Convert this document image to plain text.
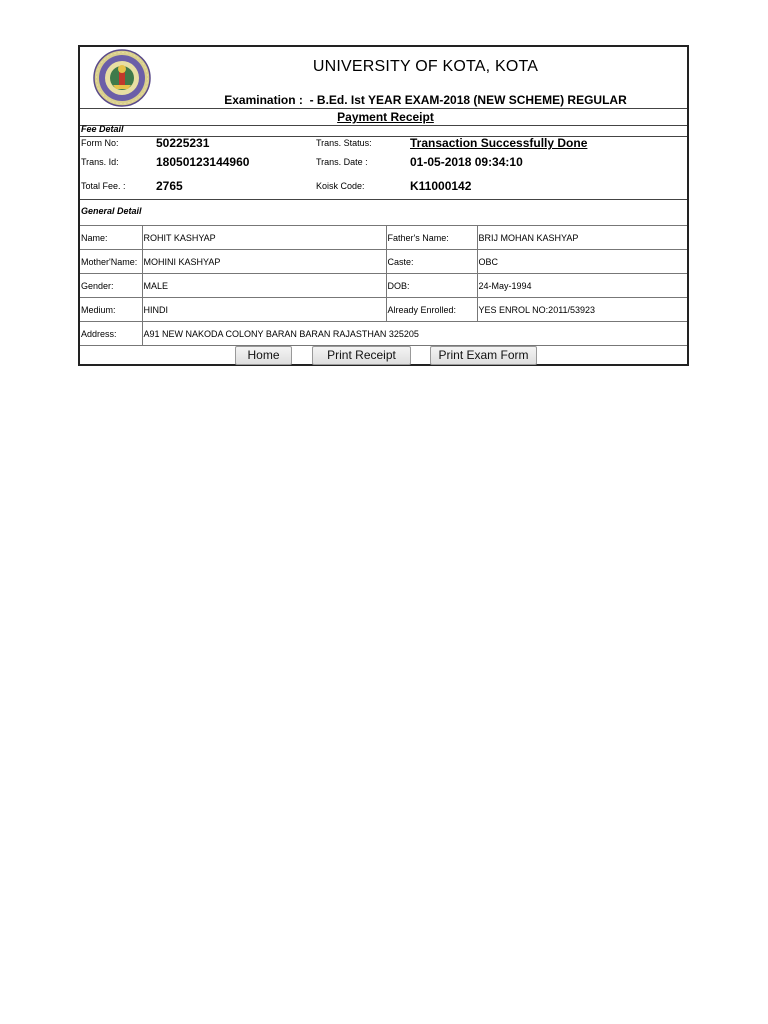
UNIVERSITY OF KOTA, KOTA
Examination : - B.Ed. Ist YEAR EXAM-2018 (NEW SCHEME) REGULAR
Payment Receipt
Fee Detail
Form No:	50225231	Trans. Status:	Transaction Successfully Done
Trans. Id:	18050123144960	Trans. Date :	01-05-2018 09:34:10
Total Fee. :	2765	Koisk Code:	K11000142
General Detail
Name:	ROHIT KASHYAP	Father's Name:	BRIJ MOHAN KASHYAP
Mother'Name:	MOHINI KASHYAP	Caste:	OBC
Gender:	MALE	DOB:	24-May-1994
Medium:	HINDI	Already Enrolled:	YES ENROL NO:2011/53923
Address:	A91 NEW NAKODA COLONY BARAN BARAN RAJASTHAN 325205		
Home	Print Receipt	Print Exam Form
